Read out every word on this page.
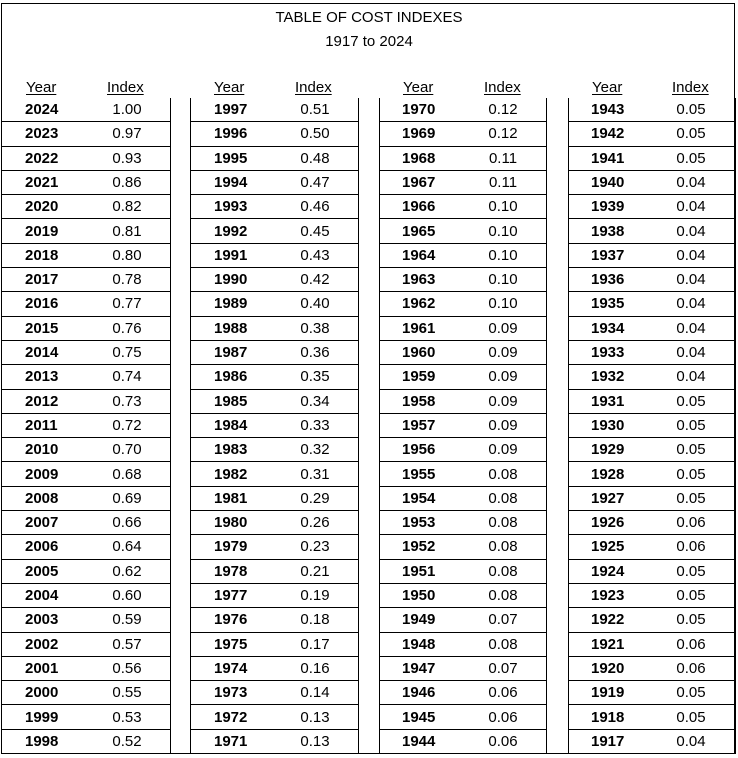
TABLE OF COST INDEXES
1917 to 2024
Year	Index
2024	1.00
2023	0.97
2022	0.93
2021	0.86
2020	0.82
2019	0.81
2018	0.80
2017	0.78
2016	0.77
2015	0.76
2014	0.75
2013	0.74
2012	0.73
2011	0.72
2010	0.70
2009	0.68
2008	0.69
2007	0.66
2006	0.64
2005	0.62
2004	0.60
2003	0.59
2002	0.57
2001	0.56
2000	0.55
1999	0.53
1998	0.52
Year	Index
1997	0.51
1996	0.50
1995	0.48
1994	0.47
1993	0.46
1992	0.45
1991	0.43
1990	0.42
1989	0.40
1988	0.38
1987	0.36
1986	0.35
1985	0.34
1984	0.33
1983	0.32
1982	0.31
1981	0.29
1980	0.26
1979	0.23
1978	0.21
1977	0.19
1976	0.18
1975	0.17
1974	0.16
1973	0.14
1972	0.13
1971	0.13
Year	Index
1970	0.12
1969	0.12
1968	0.11
1967	0.11
1966	0.10
1965	0.10
1964	0.10
1963	0.10
1962	0.10
1961	0.09
1960	0.09
1959	0.09
1958	0.09
1957	0.09
1956	0.09
1955	0.08
1954	0.08
1953	0.08
1952	0.08
1951	0.08
1950	0.08
1949	0.07
1948	0.08
1947	0.07
1946	0.06
1945	0.06
1944	0.06
Year	Index
1943	0.05
1942	0.05
1941	0.05
1940	0.04
1939	0.04
1938	0.04
1937	0.04
1936	0.04
1935	0.04
1934	0.04
1933	0.04
1932	0.04
1931	0.05
1930	0.05
1929	0.05
1928	0.05
1927	0.05
1926	0.06
1925	0.06
1924	0.05
1923	0.05
1922	0.05
1921	0.06
1920	0.06
1919	0.05
1918	0.05
1917	0.04
